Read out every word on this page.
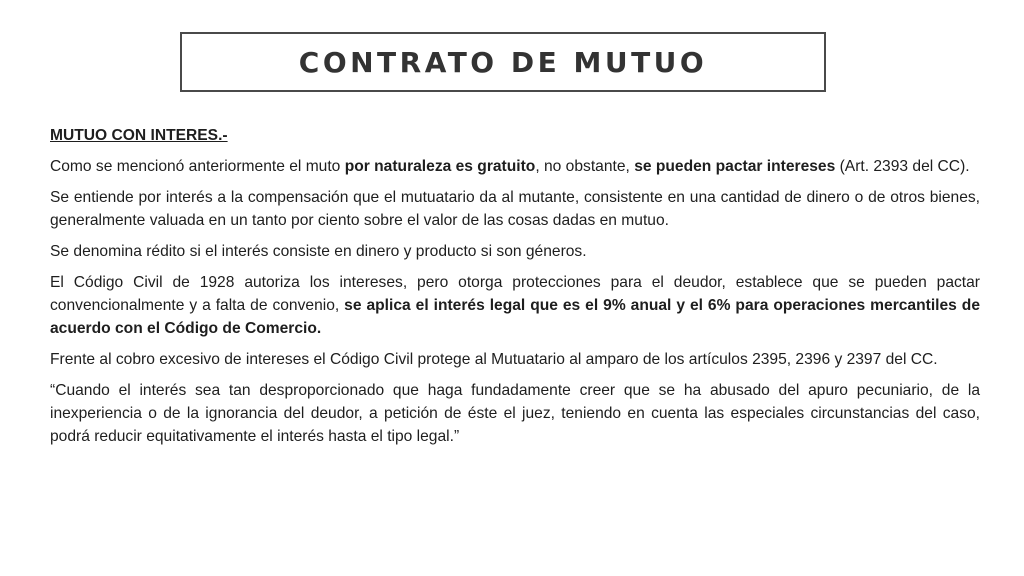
CONTRATO DE MUTUO
MUTUO CON INTERES.-

Como se mencionó anteriormente el muto por naturaleza es gratuito, no obstante, se pueden pactar intereses (Art. 2393 del CC).

Se entiende por interés a la compensación que el mutuatario da al mutante, consistente en una cantidad de dinero o de otros bienes, generalmente valuada en un tanto por ciento sobre el valor de las cosas dadas en mutuo.

Se denomina rédito si el interés consiste en dinero y producto si son géneros.

El Código Civil de 1928 autoriza los intereses, pero otorga protecciones para el deudor, establece que se pueden pactar convencionalmente y a falta de convenio, se aplica el interés legal que es el 9% anual y el 6% para operaciones mercantiles de acuerdo con el Código de Comercio.

Frente al cobro excesivo de intereses el Código Civil protege al Mutuatario al amparo de los artículos 2395, 2396 y 2397 del CC.

“Cuando el interés sea tan desproporcionado que haga fundadamente creer que se ha abusado del apuro pecuniario, de la inexperiencia o de la ignorancia del deudor, a petición de éste el juez, teniendo en cuenta las especiales circunstancias del caso, podrá reducir equitativamente el interés hasta el tipo legal.”
